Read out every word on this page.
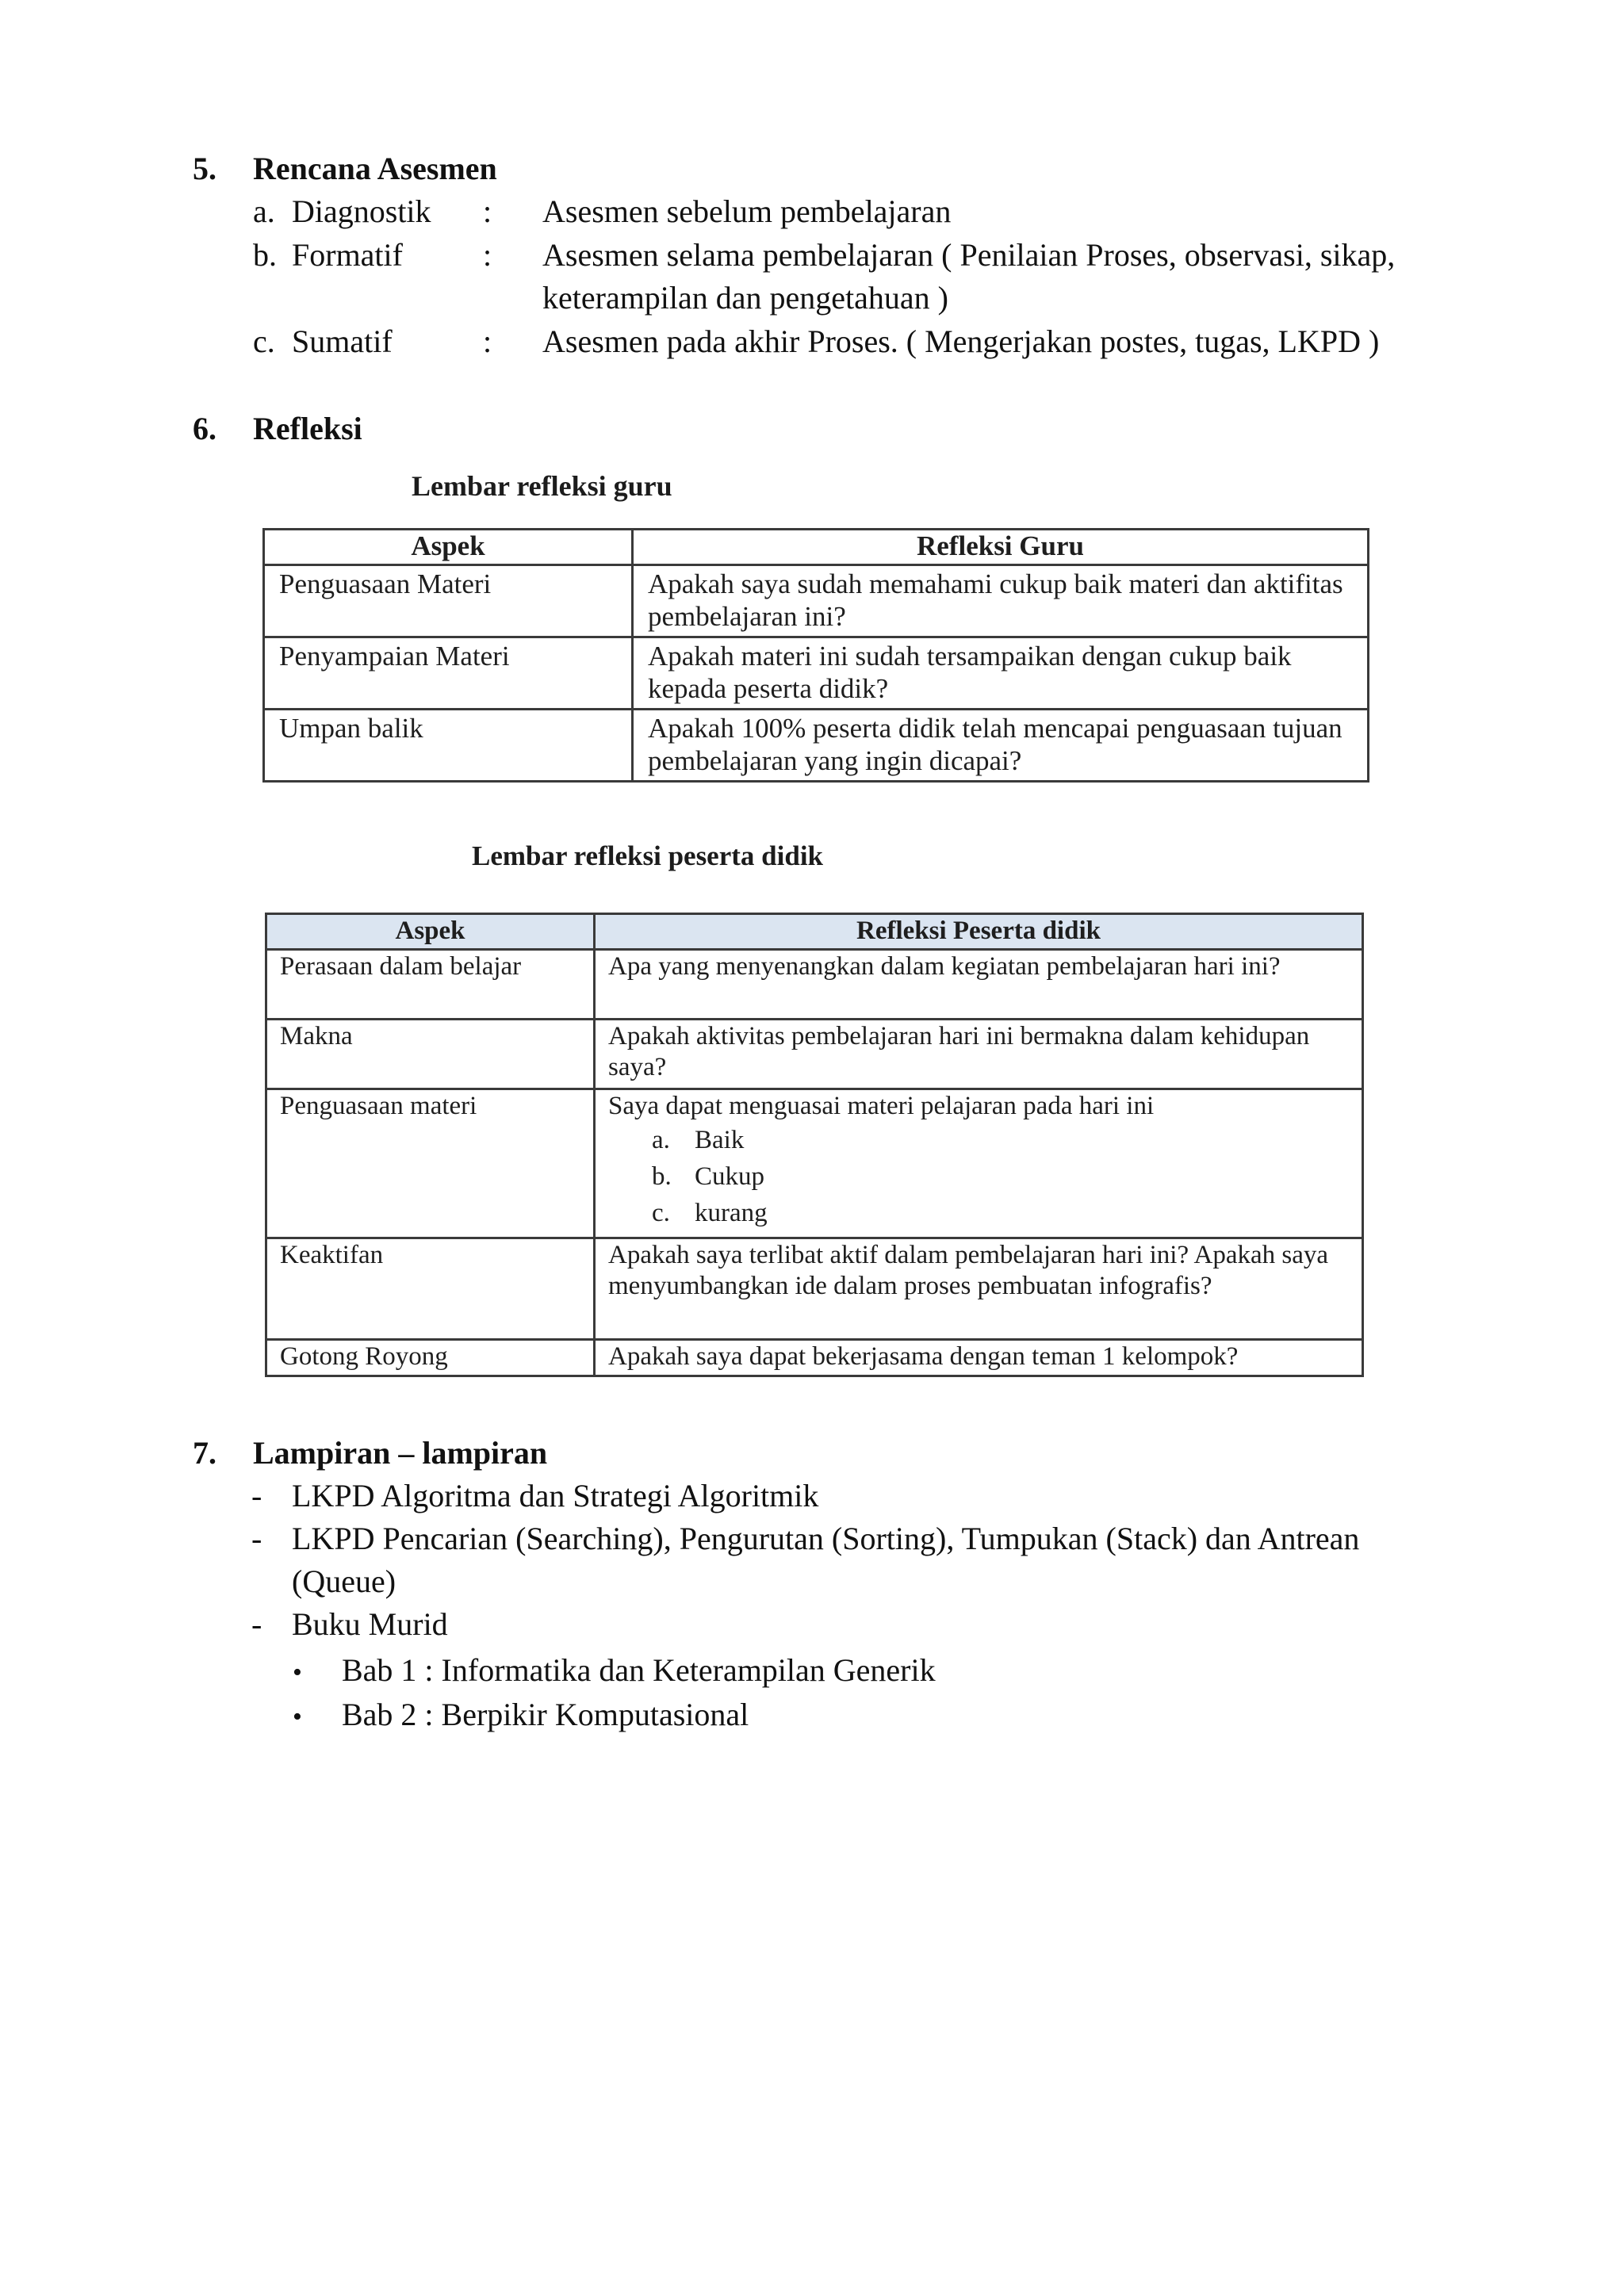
5. Rencana Asesmen
a. Diagnostik : Asesmen sebelum pembelajaran
b. Formatif	: Asesmen selama pembelajaran ( Penilaian Proses, observasi, sikap,
keterampilan dan pengetahuan )
c. Sumatif	: Asesmen pada akhir Proses. ( Mengerjakan postes, tugas, LKPD )
6. Refleksi
Lembar refleksi guru
Aspek	Refleksi Guru
Penguasaan Materi	Apakah saya sudah memahami cukup baik materi dan aktifitas pembelajaran ini?
Penyampaian Materi	Apakah materi ini sudah tersampaikan dengan cukup baik kepada peserta didik?
Umpan balik	Apakah 100% peserta didik telah mencapai penguasaan tujuan pembelajaran yang ingin dicapai?
Lembar refleksi peserta didik
Aspek	Refleksi Peserta didik
Perasaan dalam belajar	Apa yang menyenangkan dalam kegiatan pembelajaran hari ini?
Makna	Apakah aktivitas pembelajaran hari ini bermakna dalam kehidupan saya?
Penguasaan materi	Saya dapat menguasai materi pelajaran pada hari ini
a. Baik
b. Cukup
c. kurang

Keaktifan	Apakah saya terlibat aktif dalam pembelajaran hari ini? Apakah saya menyumbangkan ide dalam proses pembuatan infografis?
Gotong Royong	Apakah saya dapat bekerjasama dengan teman 1 kelompok?
7. Lampiran – lampiran
- LKPD Algoritma dan Strategi Algoritmik
- LKPD Pencarian (Searching), Pengurutan (Sorting), Tumpukan (Stack) dan Antrean
(Queue)
- Buku Murid
• Bab 1 : Informatika dan Keterampilan Generik
• Bab 2 : Berpikir Komputasional
